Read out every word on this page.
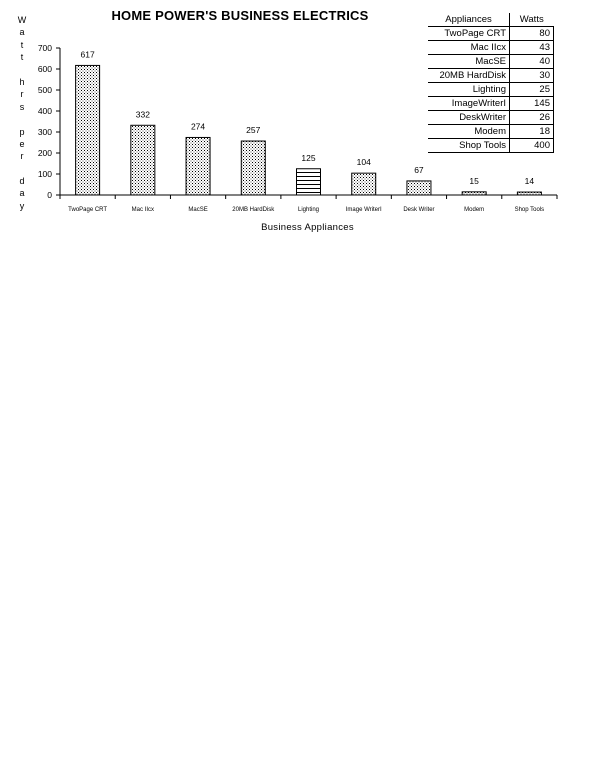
HOME POWER'S BUSINESS ELECTRICS
W
a
t
t
h
r
s
p
e
r
d
a
y
0
100
200
300
400
500
600
700
617
TwoPage CRT
332
Mac IIcx
274
MacSE
257
20MB HardDisk
125
Lighting
104
Image WriterI
67
Desk Writer
15
Modem
14
Shop Tools
Business Appliances
Appliances	Watts
TwoPage CRT	80
Mac IIcx	43
MacSE	40
20MB HardDisk	30
Lighting	25
ImageWriterI	145
DeskWriter	26
Modem	18
Shop Tools	400
